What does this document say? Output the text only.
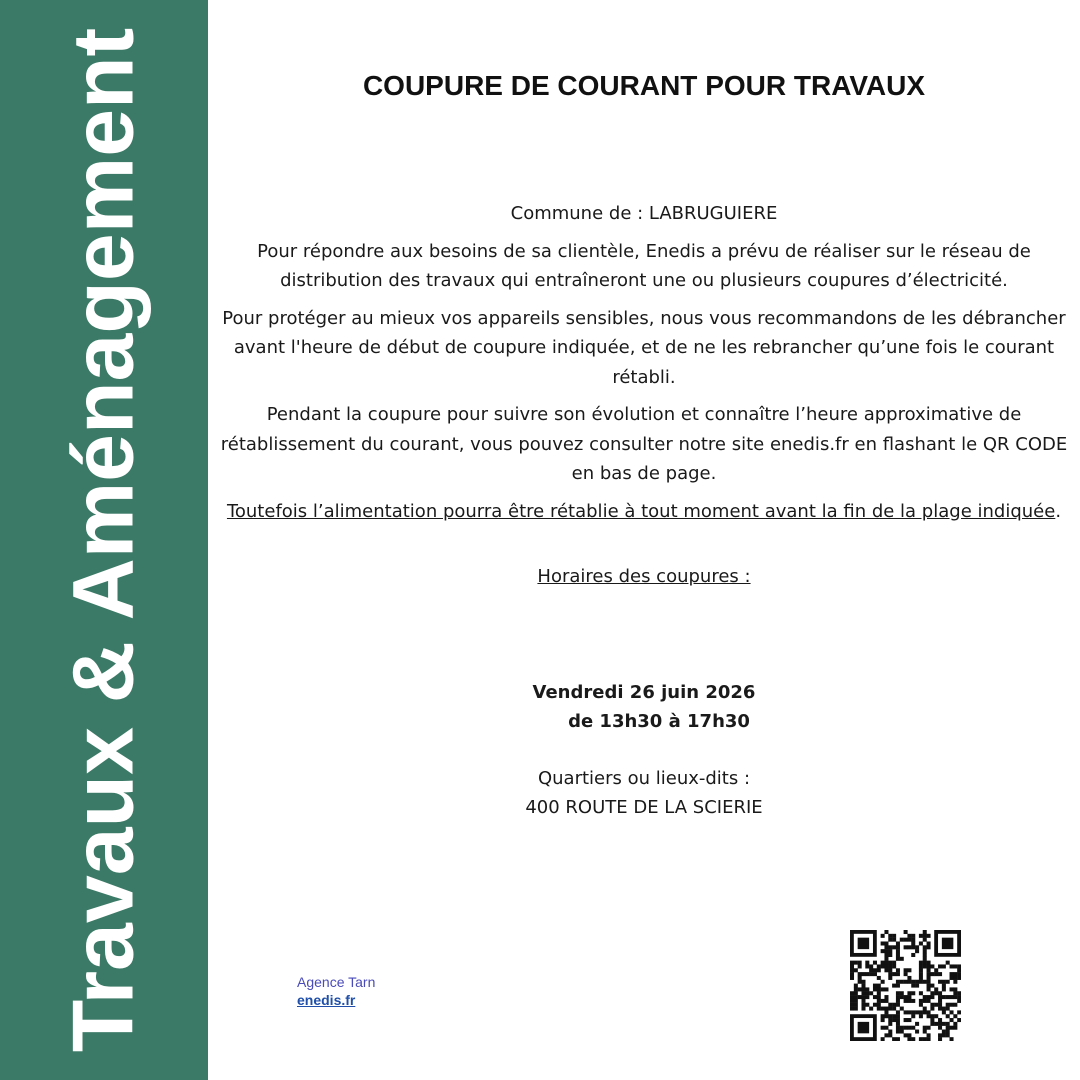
Travaux & Aménagement	COUPURE DE COURANT POUR TRAVAUX

Commune de : LABRUGUIERE

Pour répondre aux besoins de sa clientèle, Enedis a prévu de réaliser sur le réseau de distribution des travaux qui entraîneront une ou plusieurs coupures d’électricité.

Pour protéger au mieux vos appareils sensibles, nous vous recommandons de les débrancher avant l'heure de début de coupure indiquée, et de ne les rebrancher qu’une fois le courant rétabli.

Pendant la coupure pour suivre son évolution et connaître l’heure approximative de rétablissement du courant, vous pouvez consulter notre site enedis.fr en flashant le QR CODE en bas de page.

Toutefois l’alimentation pourra être rétablie à tout moment avant la fin de la plage indiquée.

Horaires des coupures :

Vendredi 26 juin 2026
de 13h30 à 17h30
Quartiers ou lieux-dits :
400 ROUTE DE LA SCIERIE
Agence Tarn
enedis.fr
